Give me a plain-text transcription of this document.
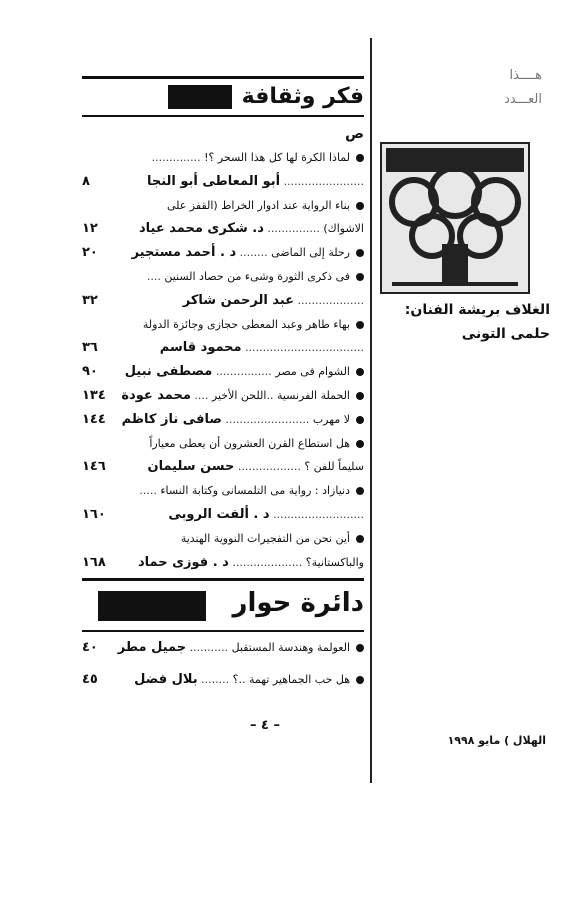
هــــذا
العـــدد
الغلاف بريشة الفنان:
حلمى التونى
الهلال ) مايو ١٩٩٨
فكر وثقافة
ص
لماذا الكرة لها كل هذا السحر ؟! ..............
....................... أبو المعاطى أبو النجا
٨
بناء الرواية عند ادوار الخراط (القفز على
الاشواك) ............... د. شكرى محمد عياد
١٢
رحلة إلى الماضى ........ د . أحمد مستجير
٢٠
فى ذكرى الثورة وشىء من حصاد السنين ....
................... عبد الرحمن شاكر
٣٢
بهاء طاهر وعبد المعطى حجازى وجائزة الدولة
.................................. محمود قاسم
٣٦
الشوام فى مصر ................ مصطفى نبيل
٩٠
الحملة الفرنسية ..اللحن الأخير .... محمد عودة
١٣٤
لا مهرب ........................ صافى ناز كاظم
١٤٤
هل استطاع القرن العشرون أن يعطى معياراً
سليماً للفن ؟ .................. حسن سليمان
١٤٦
دنيازاد : رواية مى التلمسانى وكتابة النساء .....
.......................... د . ألفت الروبى
١٦٠
أين نحن من التفجيرات النووية الهندية
والباكستانية؟ .................... د . فوزى حماد
١٦٨
دائرة حوار
العولمة وهندسة المستقبل ........... جميل مطر
٤٠
هل حب الجماهير تهمة ..؟ ........ بلال فضل
٤٥
– ٤ –
